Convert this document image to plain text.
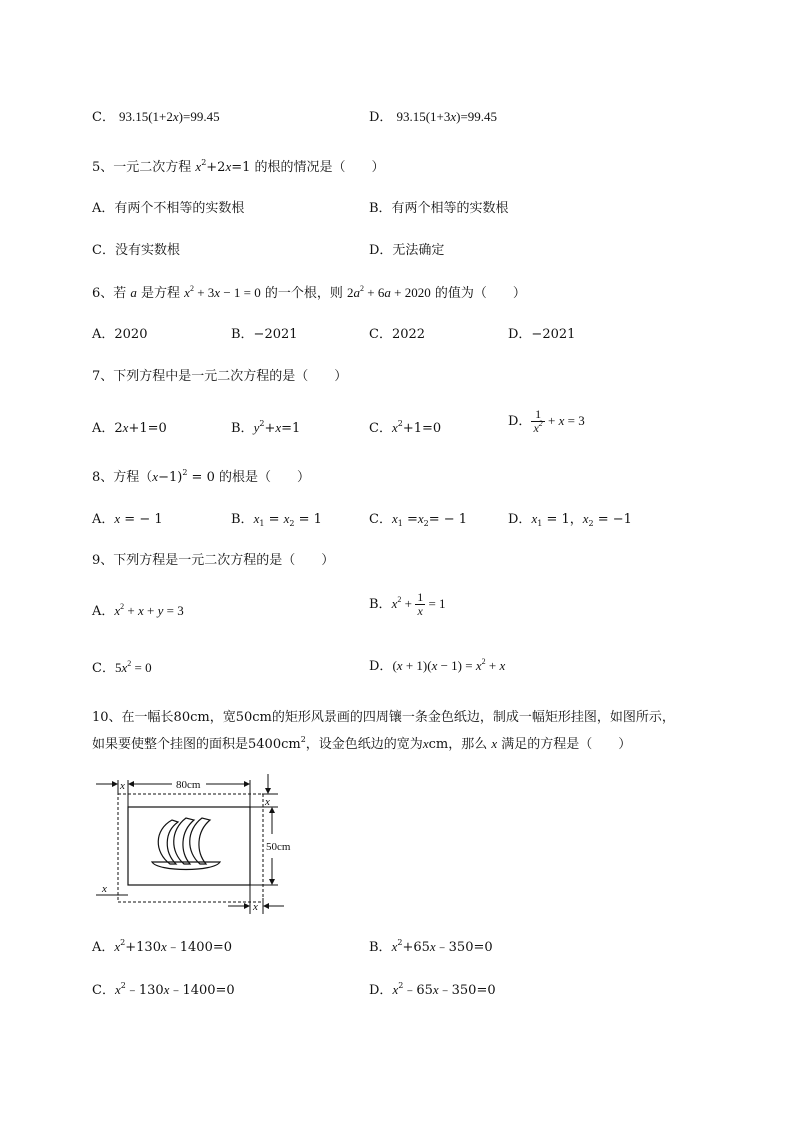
C． 93.15(1+2x)=99.45	D． 93.15(1+3x)=99.45
5、一元二次方程 $x^2+2x=1$ 的根的情况是（　　）
A．有两个不相等的实数根	B．有两个相等的实数根
C．没有实数根	D．无法确定
6、若 a 是方程 $x^2 + 3x - 1 = 0$ 的一个根，则 $2a^2 + 6a + 2020$ 的值为（　　）
A．2020	B．−2021	C．2022	D．−2021
7、下列方程中是一元二次方程的是（　　）
A．2x+1=0	B．$y^2+x=1$	C．$x^2+1=0$	D． $\frac{1}{x^2} + x = 3$
8、方程（x−1)$^2$ = 0 的根是（　　）
A．x = − 1	B．$x_1 = x_2 = 1$	C．$x_1 =x_2= - 1$	D．$x_1 = 1$，$x_2 = -1$
9、下列方程是一元二次方程的是（　　）
A．$x^2 + x + y = 3$	B．$x^2 + \frac{1}{x} = 1$
C．$5x^2 = 0$	D．$(x + 1)(x - 1) = x^2 + x$
10、在一幅长80cm，宽50cm的矩形风景画的四周镶一条金色纸边，制成一幅矩形挂图，如图所示，
如果要使整个挂图的面积是$5400cm^2$，设金色纸边的宽为xcm，那么 x 满足的方程是（　　）
x	80cm
x
50cm
x
x
A．$x^2+130x﹣1400=0$	B．$x^2+65x﹣350=0$
C．$x^2﹣130x﹣1400=0$	D．$x^2﹣65x﹣350=0$
